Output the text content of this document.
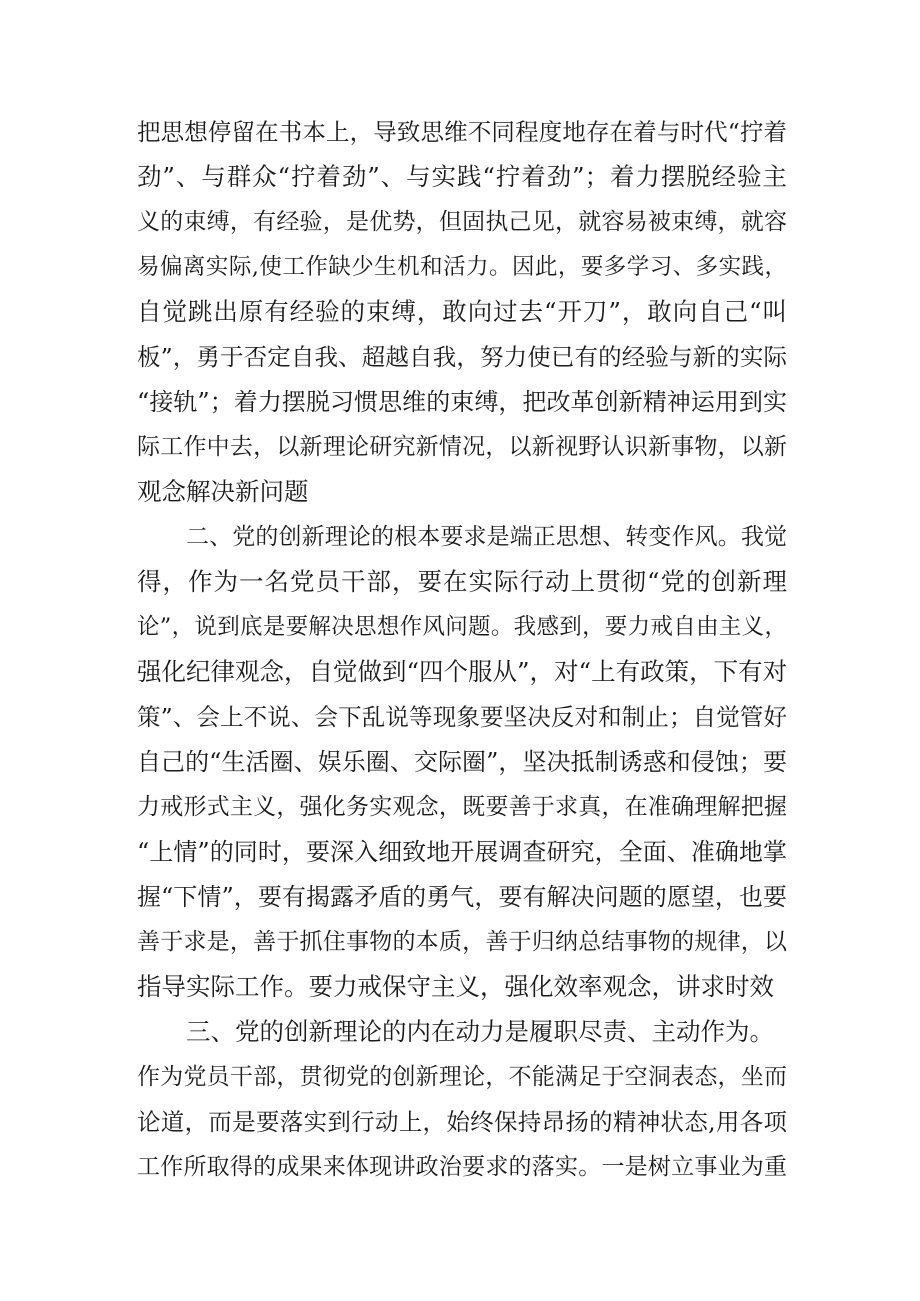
把思想停留在书本上，导致思维不同程度地存在着与时代“拧着
劲”、与群众“拧着劲”、与实践“拧着劲”；着力摆脱经验主
义的束缚，有经验，是优势，但固执己见，就容易被束缚，就容
易偏离实际,使工作缺少生机和活力。因此，要多学习、多实践，
自觉跳出原有经验的束缚，敢向过去“开刀”，敢向自己“叫
板”，勇于否定自我、超越自我，努力使已有的经验与新的实际
“接轨”；着力摆脱习惯思维的束缚，把改革创新精神运用到实
际工作中去，以新理论研究新情况，以新视野认识新事物，以新
观念解决新问题
二、党的创新理论的根本要求是端正思想、转变作风。我觉
得，作为一名党员干部，要在实际行动上贯彻“党的创新理
论”，说到底是要解决思想作风问题。我感到，要力戒自由主义，
强化纪律观念，自觉做到“四个服从”，对“上有政策，下有对
策”、会上不说、会下乱说等现象要坚决反对和制止；自觉管好
自己的“生活圈、娱乐圈、交际圈”，坚决抵制诱惑和侵蚀；要
力戒形式主义，强化务实观念，既要善于求真，在准确理解把握
“上情”的同时，要深入细致地开展调查研究，全面、准确地掌
握“下情”，要有揭露矛盾的勇气，要有解决问题的愿望，也要
善于求是，善于抓住事物的本质，善于归纳总结事物的规律，以
指导实际工作。要力戒保守主义，强化效率观念，讲求时效
三、党的创新理论的内在动力是履职尽责、主动作为。
作为党员干部，贯彻党的创新理论，不能满足于空洞表态，坐而
论道，而是要落实到行动上，始终保持昂扬的精神状态,用各项
工作所取得的成果来体现讲政治要求的落实。一是树立事业为重
